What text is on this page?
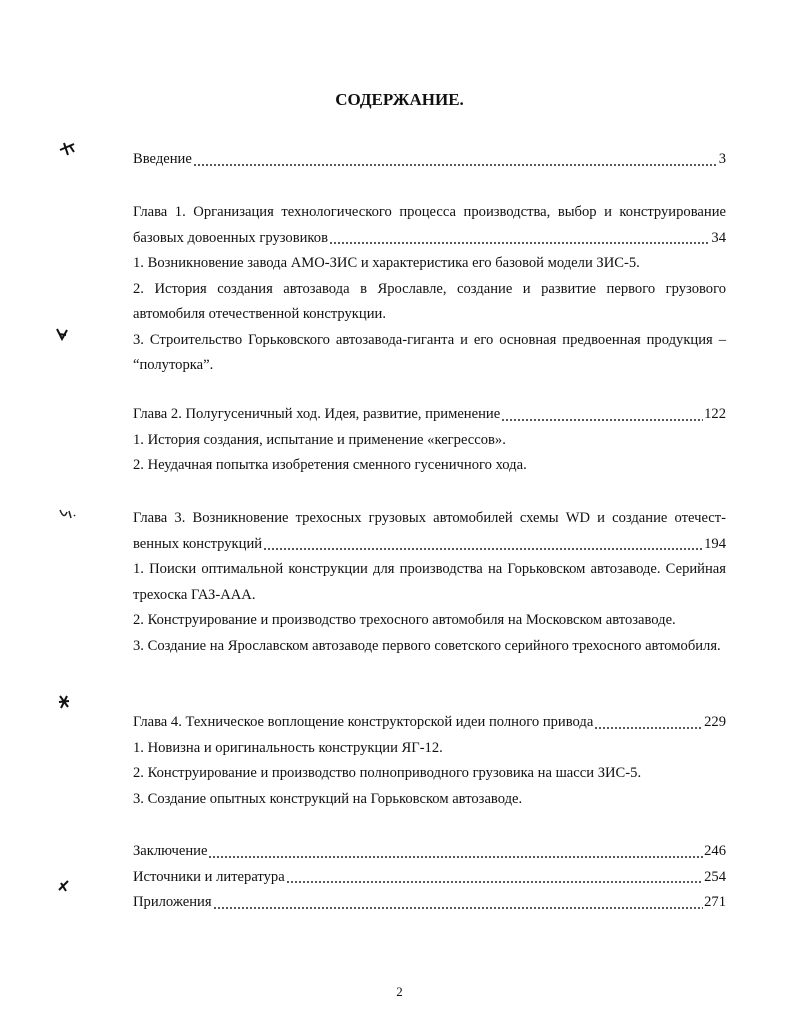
СОДЕРЖАНИЕ.
Введение	3
Глава 1. Организация технологического процесса производства, выбор и конструирование
базовых довоенных грузовиков	34
1. Возникновение завода АМО-ЗИС и характеристика его базовой модели ЗИС-5.
2. История создания автозавода в Ярославле, создание и развитие первого грузового автомобиля отечественной конструкции.
3. Строительство Горьковского автозавода-гиганта и его основная предвоенная продукция – “полуторка”.
Глава 2. Полугусеничный ход. Идея, развитие, применение	122
1. История создания, испытание и применение «кегрессов».
2. Неудачная попытка изобретения сменного гусеничного хода.
Глава 3. Возникновение трехосных грузовых автомобилей схемы WD и создание отечест-
венных конструкций	194
1. Поиски оптимальной конструкции для производства на Горьковском автозаводе. Серийная трехоска ГАЗ-ААА.
2. Конструирование и производство трехосного автомобиля на Московском автозаводе.
3. Создание на Ярославском автозаводе первого советского серийного трехосного автомобиля.
Глава 4. Техническое воплощение конструкторской идеи полного привода	229
1. Новизна и оригинальность конструкции ЯГ-12.
2. Конструирование и производство полноприводного грузовика на шасси ЗИС-5.
3. Создание опытных конструкций на Горьковском автозаводе.
Заключение	246
Источники и литература	254
Приложения	271
2
